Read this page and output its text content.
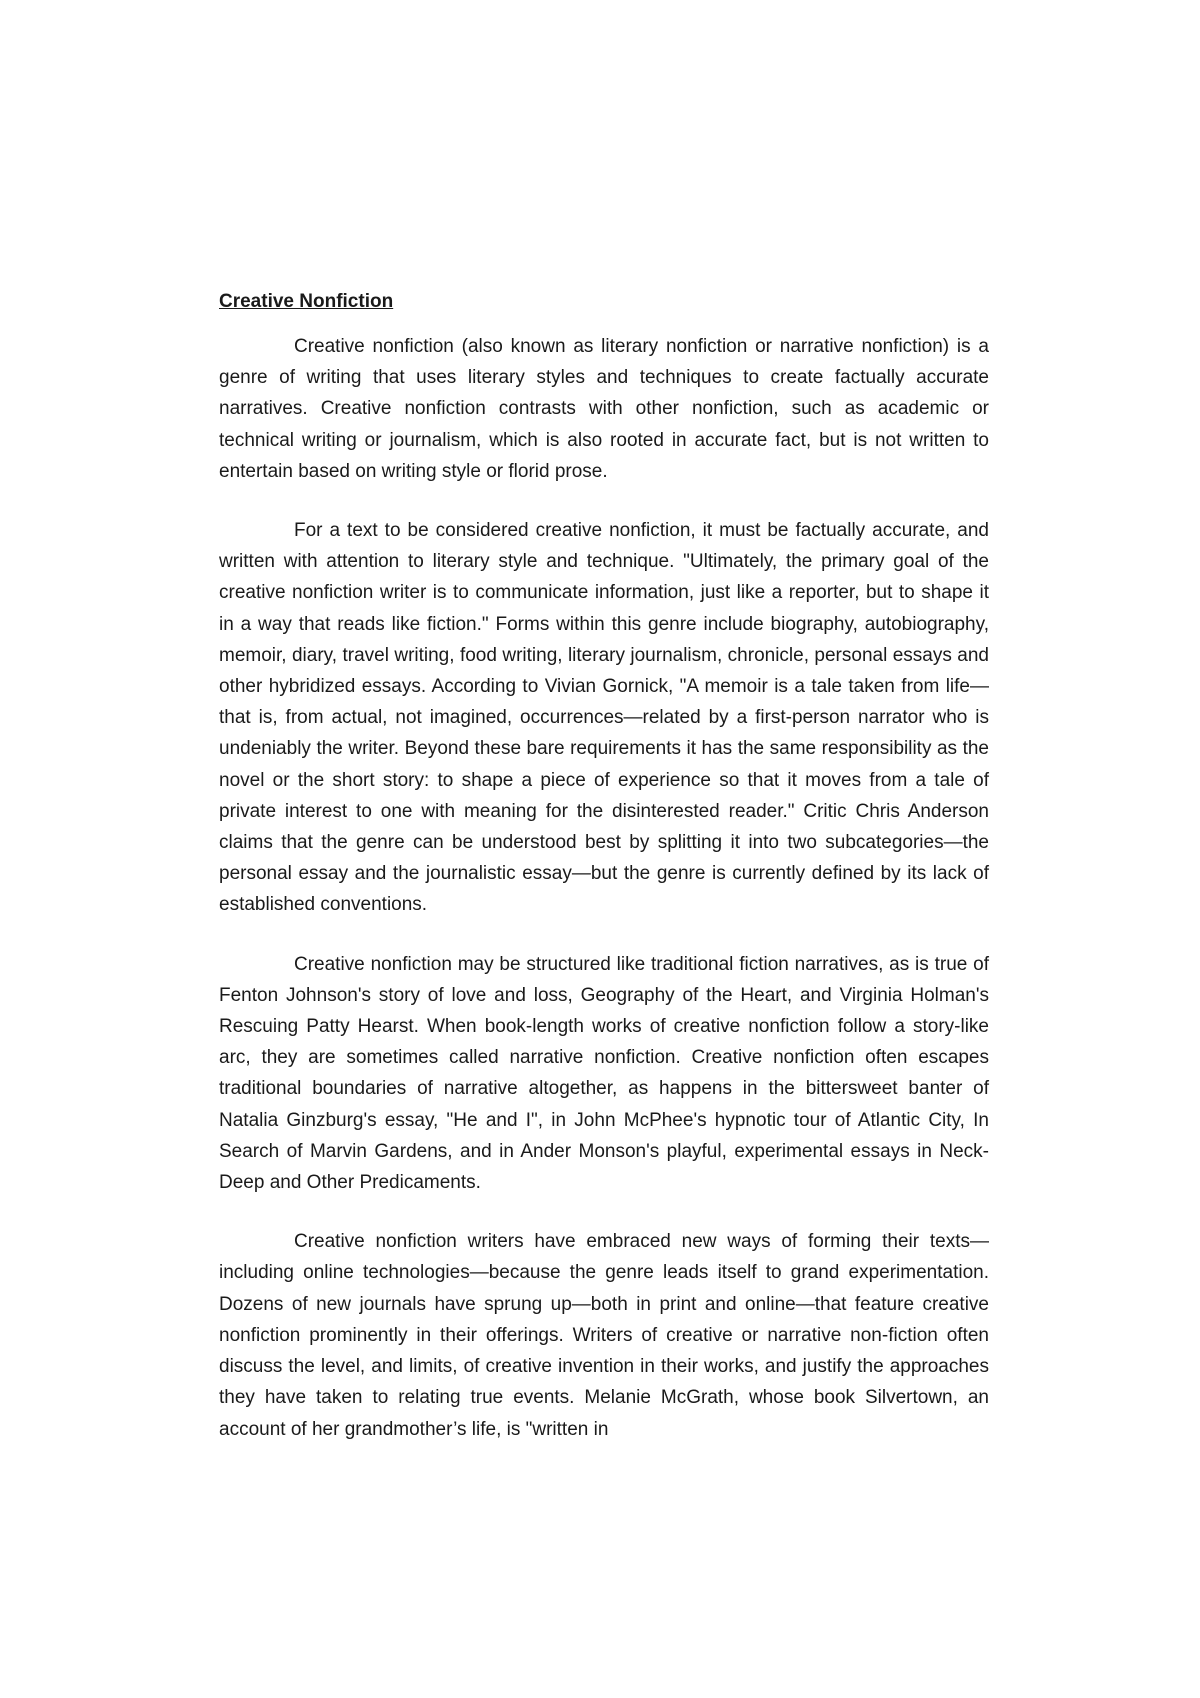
Creative Nonfiction

Creative nonfiction (also known as literary nonfiction or narrative nonfiction) is a genre of writing that uses literary styles and techniques to create factually accurate narratives. Creative nonfiction contrasts with other nonfiction, such as academic or technical writing or journalism, which is also rooted in accurate fact, but is not written to entertain based on writing style or florid prose.

For a text to be considered creative nonfiction, it must be factually accurate, and written with attention to literary style and technique. "Ultimately, the primary goal of the creative nonfiction writer is to communicate information, just like a reporter, but to shape it in a way that reads like fiction." Forms within this genre include biography, autobiography, memoir, diary, travel writing, food writing, literary journalism, chronicle, personal essays and other hybridized essays. According to Vivian Gornick, "A memoir is a tale taken from life—that is, from actual, not imagined, occurrences—related by a first-person narrator who is undeniably the writer. Beyond these bare requirements it has the same responsibility as the novel or the short story: to shape a piece of experience so that it moves from a tale of private interest to one with meaning for the disinterested reader." Critic Chris Anderson claims that the genre can be understood best by splitting it into two subcategories—the personal essay and the journalistic essay—but the genre is currently defined by its lack of established conventions.

Creative nonfiction may be structured like traditional fiction narratives, as is true of Fenton Johnson's story of love and loss, Geography of the Heart, and Virginia Holman's Rescuing Patty Hearst. When book-length works of creative nonfiction follow a story-like arc, they are sometimes called narrative nonfiction. Creative nonfiction often escapes traditional boundaries of narrative altogether, as happens in the bittersweet banter of Natalia Ginzburg's essay, "He and I", in John McPhee's hypnotic tour of Atlantic City, In Search of Marvin Gardens, and in Ander Monson's playful, experimental essays in Neck-Deep and Other Predicaments.

Creative nonfiction writers have embraced new ways of forming their texts—including online technologies—because the genre leads itself to grand experimentation. Dozens of new journals have sprung up—both in print and online—that feature creative nonfiction prominently in their offerings. Writers of creative or narrative non-fiction often discuss the level, and limits, of creative invention in their works, and justify the approaches they have taken to relating true events. Melanie McGrath, whose book Silvertown, an account of her grandmother’s life, is "written in
